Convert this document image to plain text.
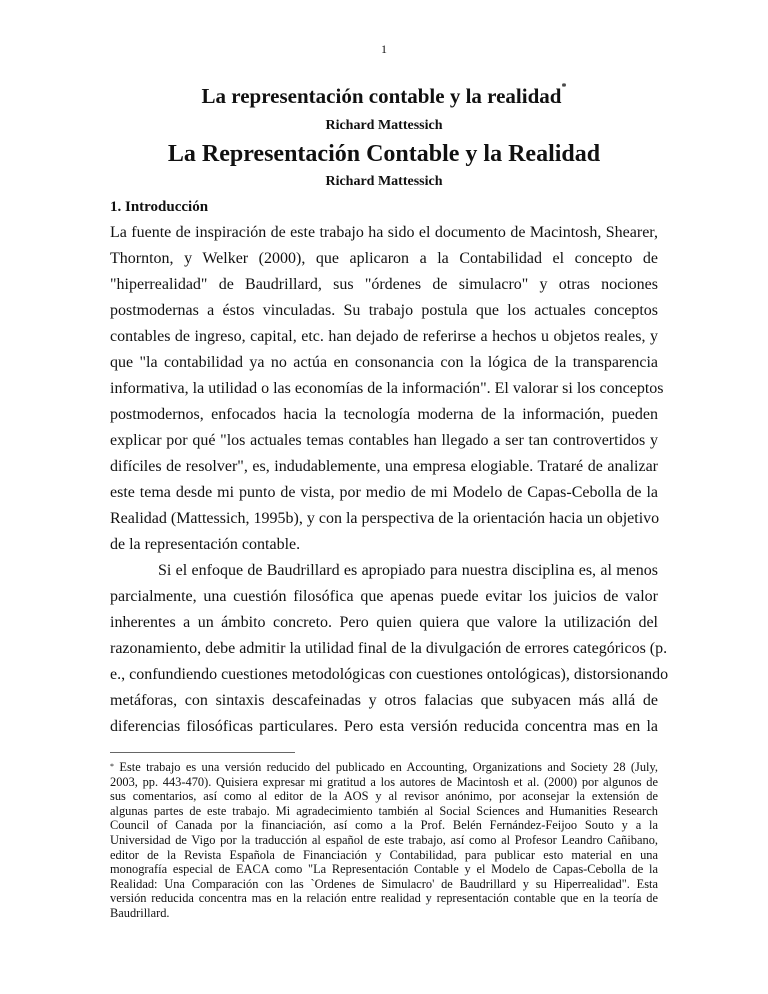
1
La representación contable y la realidad*
Richard Mattessich
La Representación Contable y la Realidad
Richard Mattessich
1. Introducción
La fuente de inspiración de este trabajo ha sido el documento de Macintosh, Shearer,
Thornton, y Welker (2000), que aplicaron a la Contabilidad el concepto de
"hiperrealidad" de Baudrillard, sus "órdenes de simulacro" y otras nociones
postmodernas a éstos vinculadas. Su trabajo postula que los actuales conceptos
contables de ingreso, capital, etc. han dejado de referirse a hechos u objetos reales, y
que "la contabilidad ya no actúa en consonancia con la lógica de la transparencia
informativa, la utilidad o las economías de la información". El valorar si los conceptos
postmodernos, enfocados hacia la tecnología moderna de la información, pueden
explicar por qué "los actuales temas contables han llegado a ser tan controvertidos y
difíciles de resolver", es, indudablemente, una empresa elogiable. Trataré de analizar
este tema desde mi punto de vista, por medio de mi Modelo de Capas-Cebolla de la
Realidad (Mattessich, 1995b), y con la perspectiva de la orientación hacia un objetivo
de la representación contable.
Si el enfoque de Baudrillard es apropiado para nuestra disciplina es, al menos
parcialmente, una cuestión filosófica que apenas puede evitar los juicios de valor
inherentes a un ámbito concreto. Pero quien quiera que valore la utilización del
razonamiento, debe admitir la utilidad final de la divulgación de errores categóricos (p.
e., confundiendo cuestiones metodológicas con cuestiones ontológicas), distorsionando
metáforas, con sintaxis descafeinadas y otros falacias que subyacen más allá de
diferencias filosóficas particulares. Pero esta versión reducida concentra mas en la
* Este trabajo es una versión reducido del publicado en Accounting, Organizations and Society 28 (July,
2003, pp. 443-470). Quisiera expresar mi gratitud a los autores de Macintosh et al. (2000) por algunos de
sus comentarios, así como al editor de la AOS y al revisor anónimo, por aconsejar la extensión de
algunas partes de este trabajo. Mi agradecimiento también al Social Sciences and Humanities Research
Council of Canada por la financiación, así como a la Prof. Belén Fernández-Feijoo Souto y a la
Universidad de Vigo por la traducción al español de este trabajo, así como al Profesor Leandro Cañibano,
editor de la Revista Española de Financiación y Contabilidad, para publicar esto material en una
monografía especial de EACA como "La Representación Contable y el Modelo de Capas-Cebolla de la
Realidad: Una Comparación con las `Ordenes de Simulacro' de Baudrillard y su Hiperrealidad". Esta
versión reducida concentra mas en la relación entre realidad y representación contable que en la teoría de
Baudrillard.
